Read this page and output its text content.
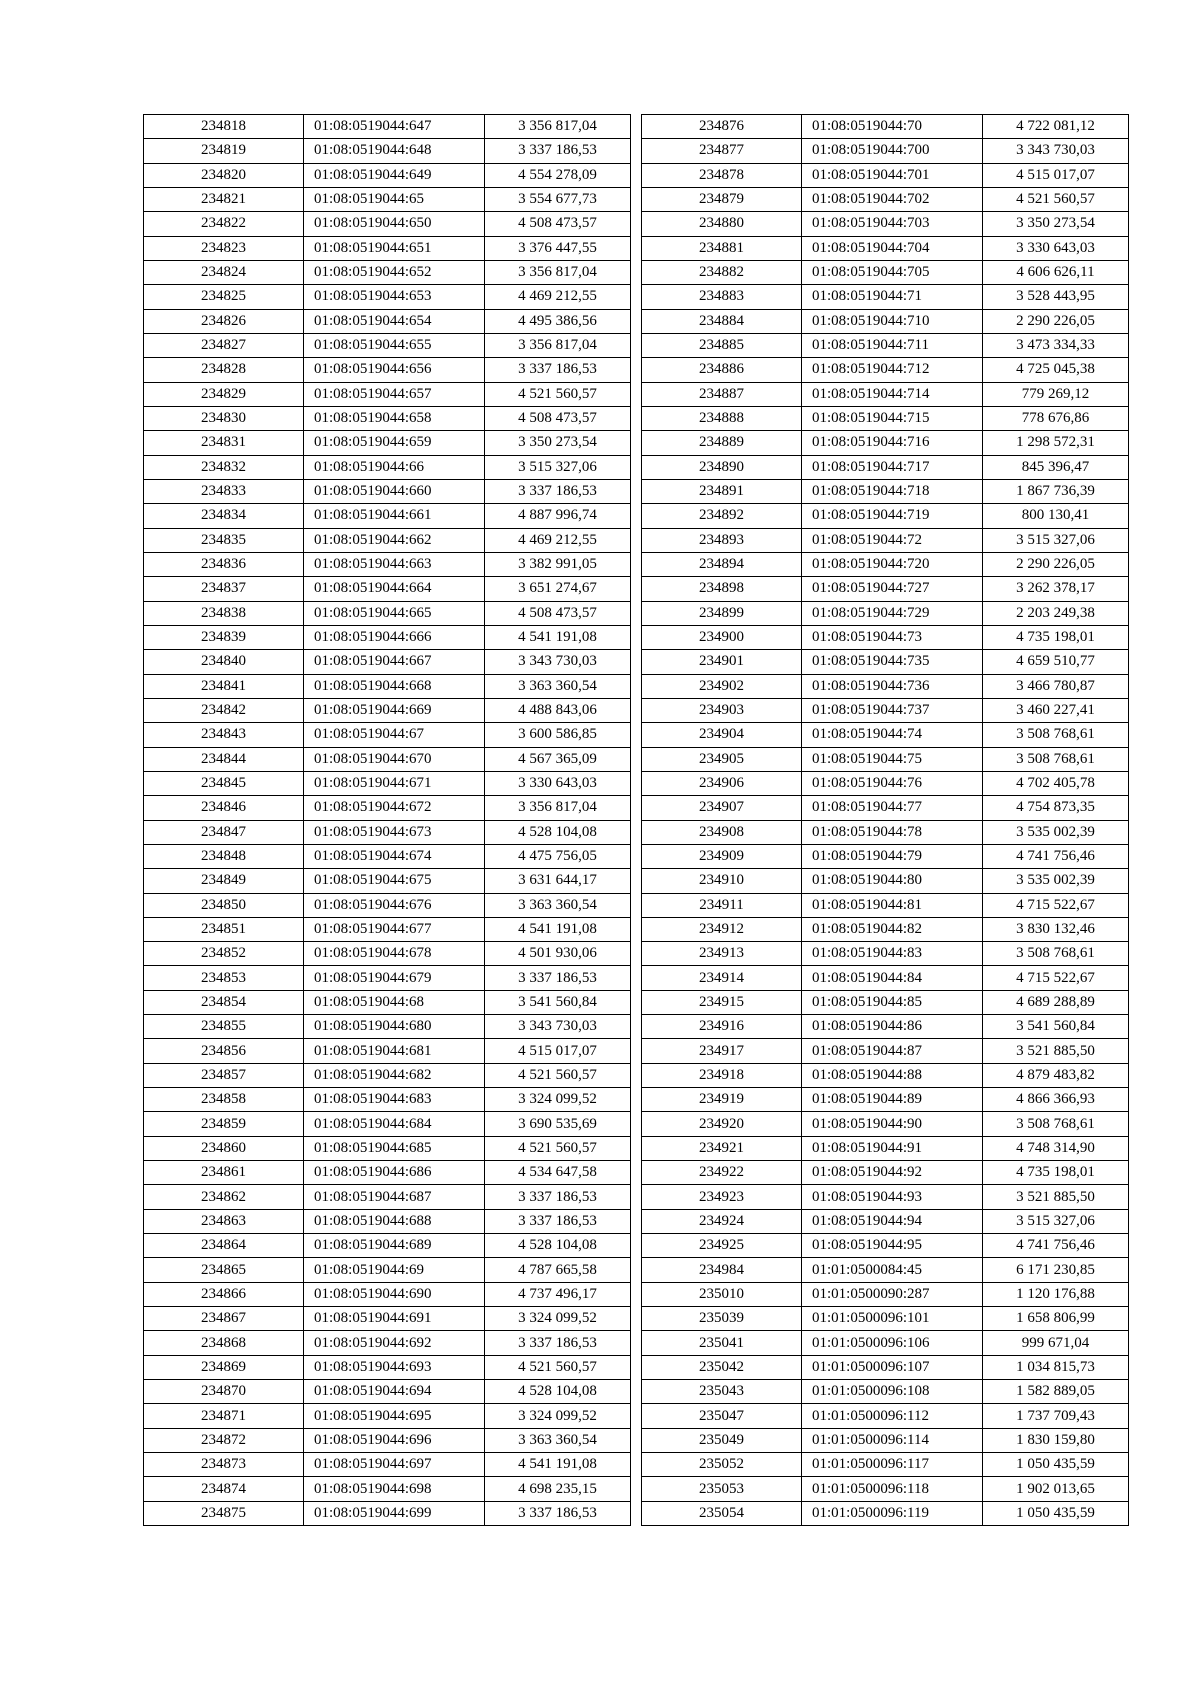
234818	01:08:0519044:647	3 356 817,04
234819	01:08:0519044:648	3 337 186,53
234820	01:08:0519044:649	4 554 278,09
234821	01:08:0519044:65	3 554 677,73
234822	01:08:0519044:650	4 508 473,57
234823	01:08:0519044:651	3 376 447,55
234824	01:08:0519044:652	3 356 817,04
234825	01:08:0519044:653	4 469 212,55
234826	01:08:0519044:654	4 495 386,56
234827	01:08:0519044:655	3 356 817,04
234828	01:08:0519044:656	3 337 186,53
234829	01:08:0519044:657	4 521 560,57
234830	01:08:0519044:658	4 508 473,57
234831	01:08:0519044:659	3 350 273,54
234832	01:08:0519044:66	3 515 327,06
234833	01:08:0519044:660	3 337 186,53
234834	01:08:0519044:661	4 887 996,74
234835	01:08:0519044:662	4 469 212,55
234836	01:08:0519044:663	3 382 991,05
234837	01:08:0519044:664	3 651 274,67
234838	01:08:0519044:665	4 508 473,57
234839	01:08:0519044:666	4 541 191,08
234840	01:08:0519044:667	3 343 730,03
234841	01:08:0519044:668	3 363 360,54
234842	01:08:0519044:669	4 488 843,06
234843	01:08:0519044:67	3 600 586,85
234844	01:08:0519044:670	4 567 365,09
234845	01:08:0519044:671	3 330 643,03
234846	01:08:0519044:672	3 356 817,04
234847	01:08:0519044:673	4 528 104,08
234848	01:08:0519044:674	4 475 756,05
234849	01:08:0519044:675	3 631 644,17
234850	01:08:0519044:676	3 363 360,54
234851	01:08:0519044:677	4 541 191,08
234852	01:08:0519044:678	4 501 930,06
234853	01:08:0519044:679	3 337 186,53
234854	01:08:0519044:68	3 541 560,84
234855	01:08:0519044:680	3 343 730,03
234856	01:08:0519044:681	4 515 017,07
234857	01:08:0519044:682	4 521 560,57
234858	01:08:0519044:683	3 324 099,52
234859	01:08:0519044:684	3 690 535,69
234860	01:08:0519044:685	4 521 560,57
234861	01:08:0519044:686	4 534 647,58
234862	01:08:0519044:687	3 337 186,53
234863	01:08:0519044:688	3 337 186,53
234864	01:08:0519044:689	4 528 104,08
234865	01:08:0519044:69	4 787 665,58
234866	01:08:0519044:690	4 737 496,17
234867	01:08:0519044:691	3 324 099,52
234868	01:08:0519044:692	3 337 186,53
234869	01:08:0519044:693	4 521 560,57
234870	01:08:0519044:694	4 528 104,08
234871	01:08:0519044:695	3 324 099,52
234872	01:08:0519044:696	3 363 360,54
234873	01:08:0519044:697	4 541 191,08
234874	01:08:0519044:698	4 698 235,15
234875	01:08:0519044:699	3 337 186,53
234876	01:08:0519044:70	4 722 081,12
234877	01:08:0519044:700	3 343 730,03
234878	01:08:0519044:701	4 515 017,07
234879	01:08:0519044:702	4 521 560,57
234880	01:08:0519044:703	3 350 273,54
234881	01:08:0519044:704	3 330 643,03
234882	01:08:0519044:705	4 606 626,11
234883	01:08:0519044:71	3 528 443,95
234884	01:08:0519044:710	2 290 226,05
234885	01:08:0519044:711	3 473 334,33
234886	01:08:0519044:712	4 725 045,38
234887	01:08:0519044:714	779 269,12
234888	01:08:0519044:715	778 676,86
234889	01:08:0519044:716	1 298 572,31
234890	01:08:0519044:717	845 396,47
234891	01:08:0519044:718	1 867 736,39
234892	01:08:0519044:719	800 130,41
234893	01:08:0519044:72	3 515 327,06
234894	01:08:0519044:720	2 290 226,05
234898	01:08:0519044:727	3 262 378,17
234899	01:08:0519044:729	2 203 249,38
234900	01:08:0519044:73	4 735 198,01
234901	01:08:0519044:735	4 659 510,77
234902	01:08:0519044:736	3 466 780,87
234903	01:08:0519044:737	3 460 227,41
234904	01:08:0519044:74	3 508 768,61
234905	01:08:0519044:75	3 508 768,61
234906	01:08:0519044:76	4 702 405,78
234907	01:08:0519044:77	4 754 873,35
234908	01:08:0519044:78	3 535 002,39
234909	01:08:0519044:79	4 741 756,46
234910	01:08:0519044:80	3 535 002,39
234911	01:08:0519044:81	4 715 522,67
234912	01:08:0519044:82	3 830 132,46
234913	01:08:0519044:83	3 508 768,61
234914	01:08:0519044:84	4 715 522,67
234915	01:08:0519044:85	4 689 288,89
234916	01:08:0519044:86	3 541 560,84
234917	01:08:0519044:87	3 521 885,50
234918	01:08:0519044:88	4 879 483,82
234919	01:08:0519044:89	4 866 366,93
234920	01:08:0519044:90	3 508 768,61
234921	01:08:0519044:91	4 748 314,90
234922	01:08:0519044:92	4 735 198,01
234923	01:08:0519044:93	3 521 885,50
234924	01:08:0519044:94	3 515 327,06
234925	01:08:0519044:95	4 741 756,46
234984	01:01:0500084:45	6 171 230,85
235010	01:01:0500090:287	1 120 176,88
235039	01:01:0500096:101	1 658 806,99
235041	01:01:0500096:106	999 671,04
235042	01:01:0500096:107	1 034 815,73
235043	01:01:0500096:108	1 582 889,05
235047	01:01:0500096:112	1 737 709,43
235049	01:01:0500096:114	1 830 159,80
235052	01:01:0500096:117	1 050 435,59
235053	01:01:0500096:118	1 902 013,65
235054	01:01:0500096:119	1 050 435,59
